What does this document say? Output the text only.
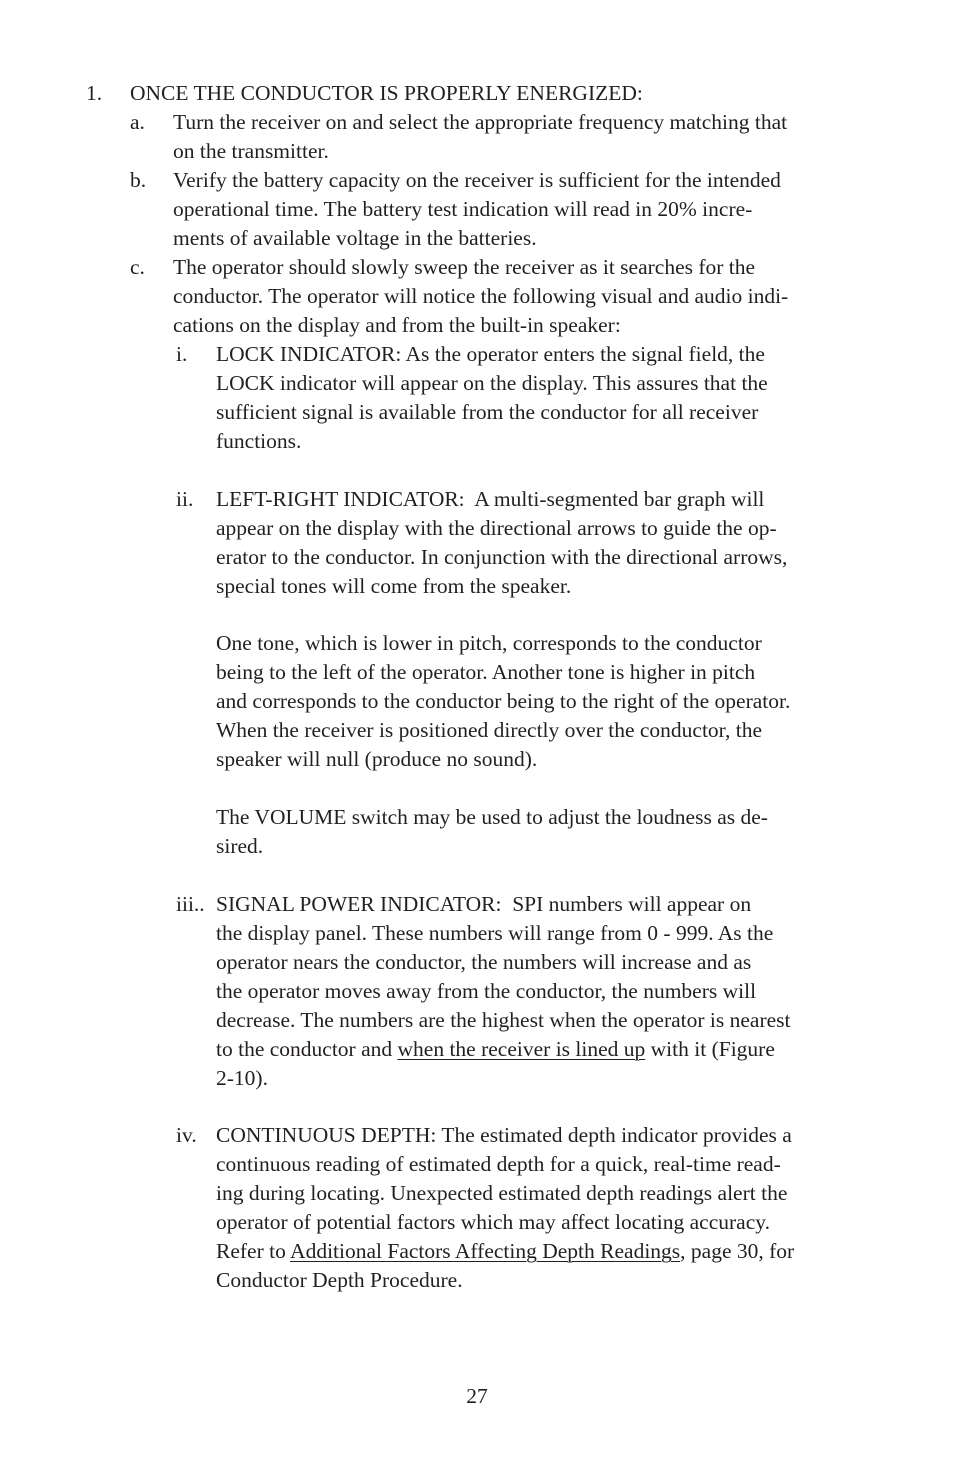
1. ONCE THE CONDUCTOR IS PROPERLY ENERGIZED:
a. Turn the receiver on and select the appropriate frequency matching that
on the transmitter.
b. Verify the battery capacity on the receiver is sufficient for the intended
operational time. The battery test indication will read in 20% incre-
ments of available voltage in the batteries.
c. The operator should slowly sweep the receiver as it searches for the
conductor. The operator will notice the following visual and audio indi-
cations on the display and from the built-in speaker:
i. LOCK INDICATOR: As the operator enters the signal field, the
LOCK indicator will appear on the display. This assures that the
sufficient signal is available from the conductor for all receiver
functions.
ii. LEFT-RIGHT INDICATOR:  A multi-segmented bar graph will
appear on the display with the directional arrows to guide the op-
erator to the conductor. In conjunction with the directional arrows,
special tones will come from the speaker.
One tone, which is lower in pitch, corresponds to the conductor
being to the left of the operator. Another tone is higher in pitch
and corresponds to the conductor being to the right of the operator.
When the receiver is positioned directly over the conductor, the
speaker will null (produce no sound).
The VOLUME switch may be used to adjust the loudness as de-
sired.
iii.. SIGNAL POWER INDICATOR:  SPI numbers will appear on
the display panel. These numbers will range from 0 - 999. As the
operator nears the conductor, the numbers will increase and as
the operator moves away from the conductor, the numbers will
decrease. The numbers are the highest when the operator is nearest
to the conductor and when the receiver is lined up with it (Figure
2-10).
iv. CONTINUOUS DEPTH: The estimated depth indicator provides a
continuous reading of estimated depth for a quick, real-time read-
ing during locating. Unexpected estimated depth readings alert the
operator of potential factors which may affect locating accuracy.
Refer to Additional Factors Affecting Depth Readings, page 30, for
Conductor Depth Procedure.
27
